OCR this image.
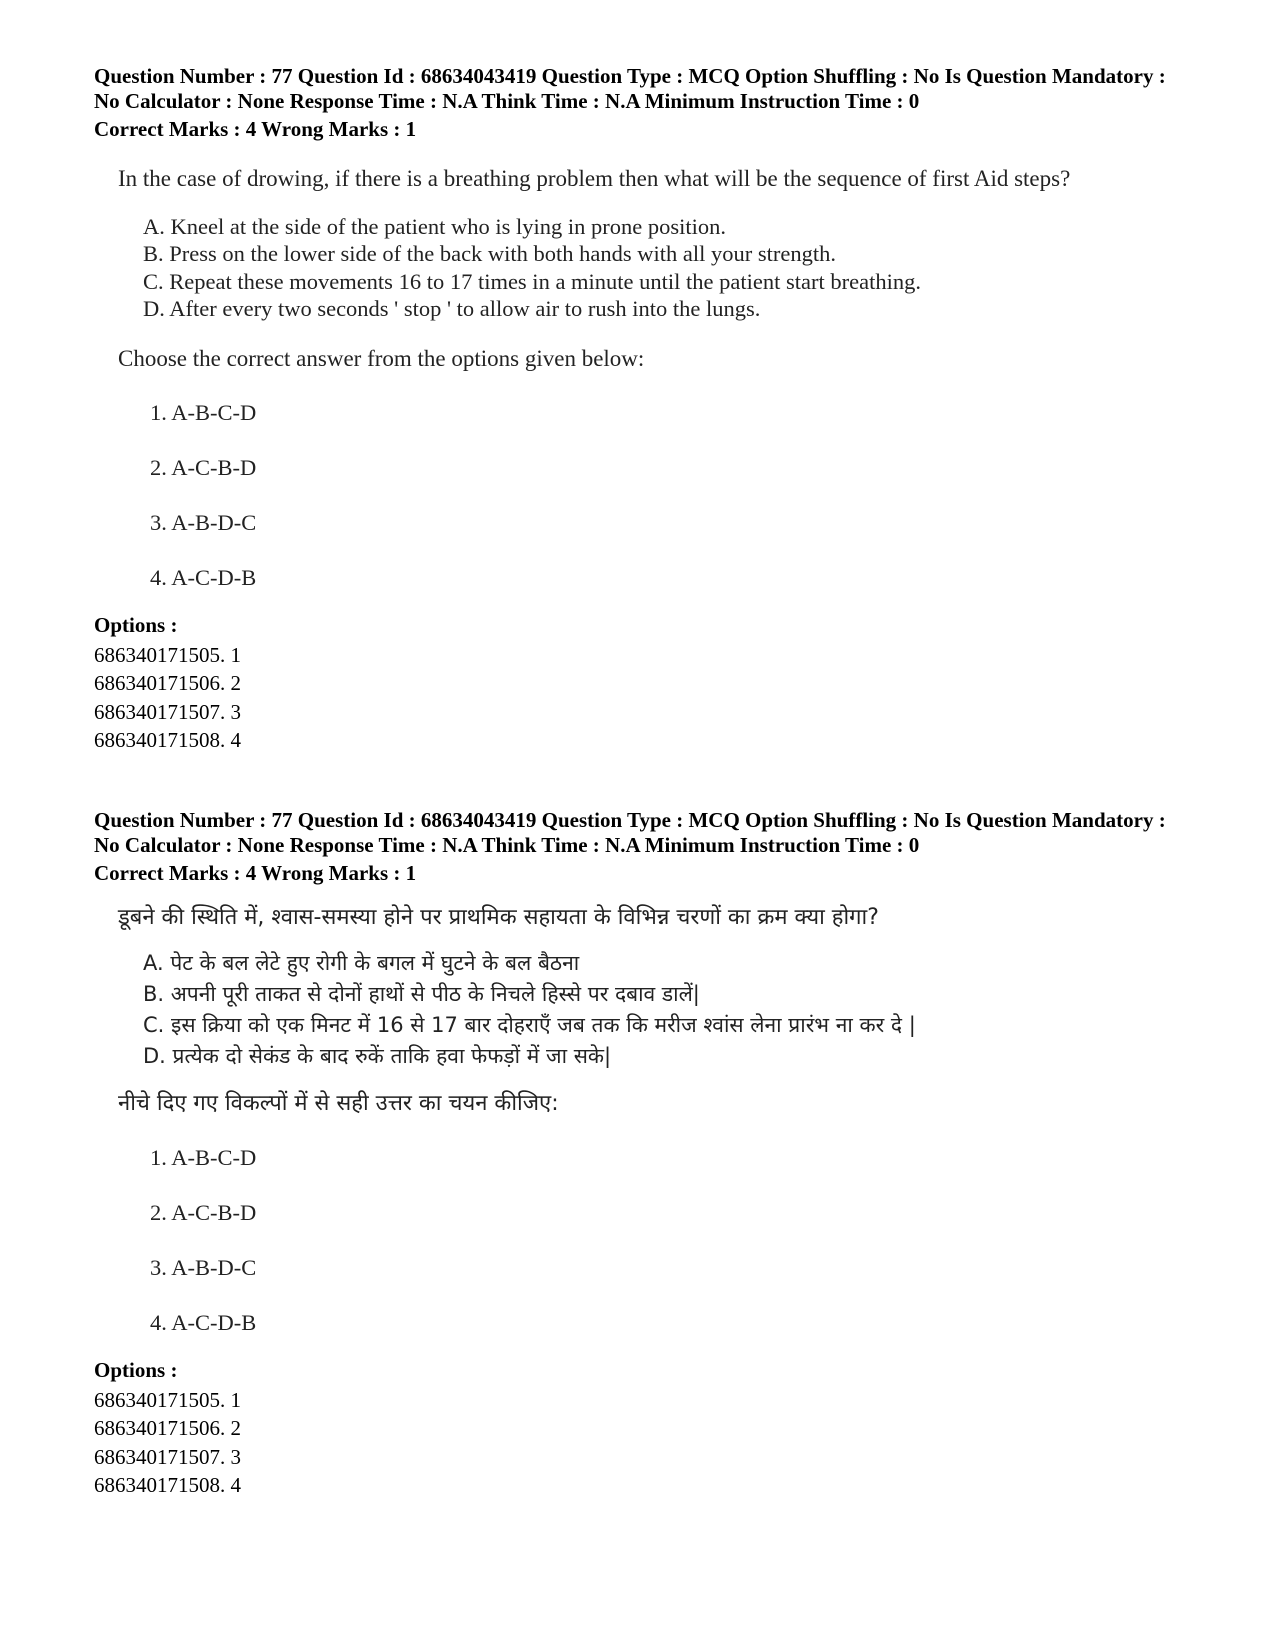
Question Number : 77 Question Id : 68634043419 Question Type : MCQ Option Shuffling : No Is Question Mandatory :
No Calculator : None Response Time : N.A Think Time : N.A Minimum Instruction Time : 0

Correct Marks : 4 Wrong Marks : 1

In the case of drowing, if there is a breathing problem then what will be the sequence of first Aid steps?

A. Kneel at the side of the patient who is lying in prone position.
B. Press on the lower side of the back with both hands with all your strength.
C. Repeat these movements 16 to 17 times in a minute until the patient start breathing.
D. After every two seconds ' stop ' to allow air to rush into the lungs.

Choose the correct answer from the options given below:

1. A-B-C-D
2. A-C-B-D
3. A-B-D-C
4. A-C-D-B

Options :

686340171505. 1
686340171506. 2
686340171507. 3
686340171508. 4

Question Number : 77 Question Id : 68634043419 Question Type : MCQ Option Shuffling : No Is Question Mandatory :
No Calculator : None Response Time : N.A Think Time : N.A Minimum Instruction Time : 0

Correct Marks : 4 Wrong Marks : 1

डूबने की स्थिति में, श्वास-समस्या होने पर प्राथमिक सहायता के विभिन्न चरणों का क्रम क्या होगा?

A. पेट के बल लेटे हुए रोगी के बगल में घुटने के बल बैठना
B. अपनी पूरी ताकत से दोनों हाथों से पीठ के निचले हिस्से पर दबाव डालें|
C. इस क्रिया को एक मिनट में 16 से 17 बार दोहराएँ जब तक कि मरीज श्वांस लेना प्रारंभ ना कर दे |
D. प्रत्येक दो सेकंड के बाद रुकें ताकि हवा फेफड़ों में जा सके|

नीचे दिए गए विकल्पों में से सही उत्तर का चयन कीजिए:

1. A-B-C-D
2. A-C-B-D
3. A-B-D-C
4. A-C-D-B

Options :

686340171505. 1
686340171506. 2
686340171507. 3
686340171508. 4
